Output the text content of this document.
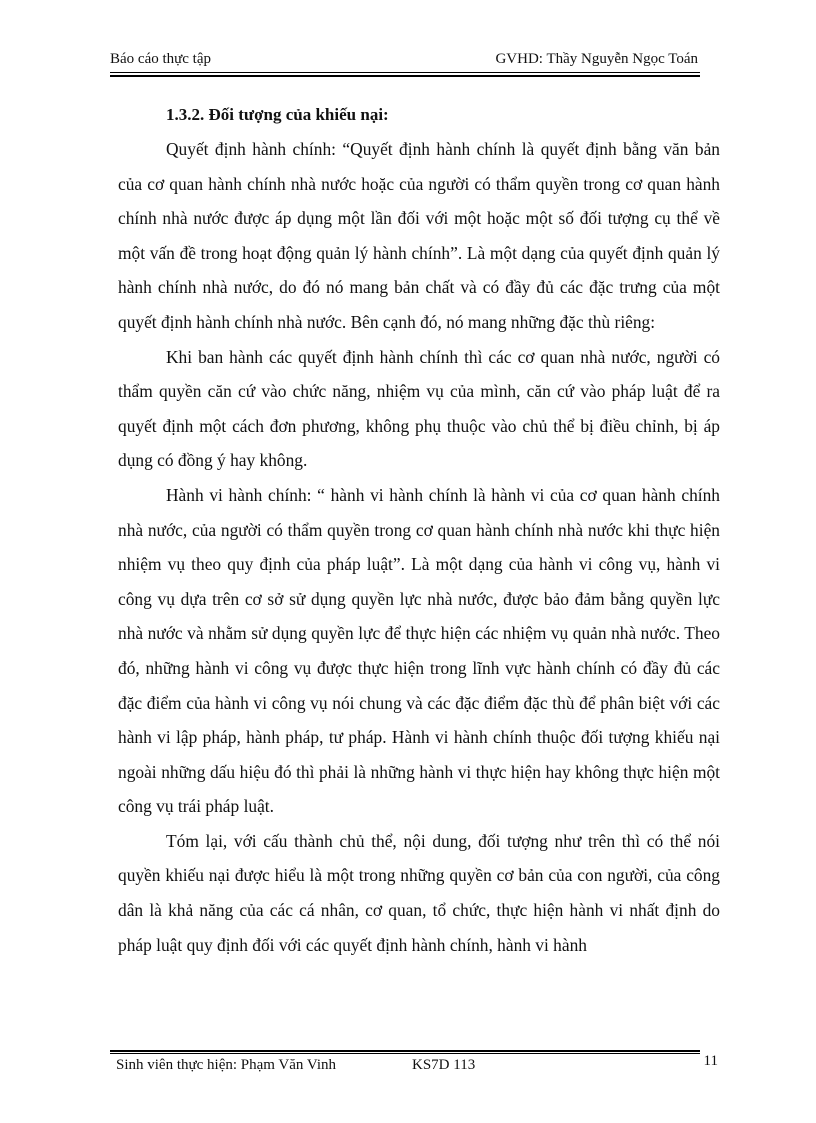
Báo cáo thực tập	GVHD: Thầy Nguyễn Ngọc Toán

1.3.2. Đối tượng của khiếu nại:

Quyết định hành chính: “Quyết định hành chính là quyết định bằng văn bản của cơ quan hành chính nhà nước hoặc của người có thẩm quyền trong cơ quan hành chính nhà nước được áp dụng một lần đối với một hoặc một số đối tượng cụ thể về một vấn đề trong hoạt động quản lý hành chính”. Là một dạng của quyết định quản lý hành chính nhà nước, do đó nó mang bản chất và có đầy đủ các đặc trưng của một quyết định hành chính nhà nước. Bên cạnh đó, nó mang những đặc thù riêng:

Khi ban hành các quyết định hành chính thì các cơ quan nhà nước, người có thẩm quyền căn cứ vào chức năng, nhiệm vụ của mình, căn cứ vào pháp luật để ra quyết định một cách đơn phương, không phụ thuộc vào chủ thể bị điều chỉnh, bị áp dụng có đồng ý hay không.

Hành vi hành chính: “ hành vi hành chính là hành vi của cơ quan hành chính nhà nước, của người có thẩm quyền trong cơ quan hành chính nhà nước khi thực hiện nhiệm vụ theo quy định của pháp luật”. Là một dạng của hành vi công vụ, hành vi công vụ dựa trên cơ sở sử dụng quyền lực nhà nước, được bảo đảm bằng quyền lực nhà nước và nhằm sử dụng quyền lực để thực hiện các nhiệm vụ quản nhà nước. Theo đó, những hành vi công vụ được thực hiện trong lĩnh vực hành chính có đầy đủ các đặc điểm của hành vi công vụ nói chung và các đặc điểm đặc thù để phân biệt với các hành vi lập pháp, hành pháp, tư pháp. Hành vi hành chính thuộc đối tượng khiếu nại ngoài những dấu hiệu đó thì phải là những hành vi thực hiện hay không thực hiện một công vụ trái pháp luật.

Tóm lại, với cấu thành chủ thể, nội dung, đối tượng như trên thì có thể nói quyền khiếu nại được hiểu là một trong những quyền cơ bản của con người, của công dân là khả năng của các cá nhân, cơ quan, tổ chức, thực hiện hành vi nhất định do pháp luật quy định đối với các quyết định hành chính, hành vi hành

Sinh viên thực hiện: Phạm Văn Vinh	KS7D 113	11
